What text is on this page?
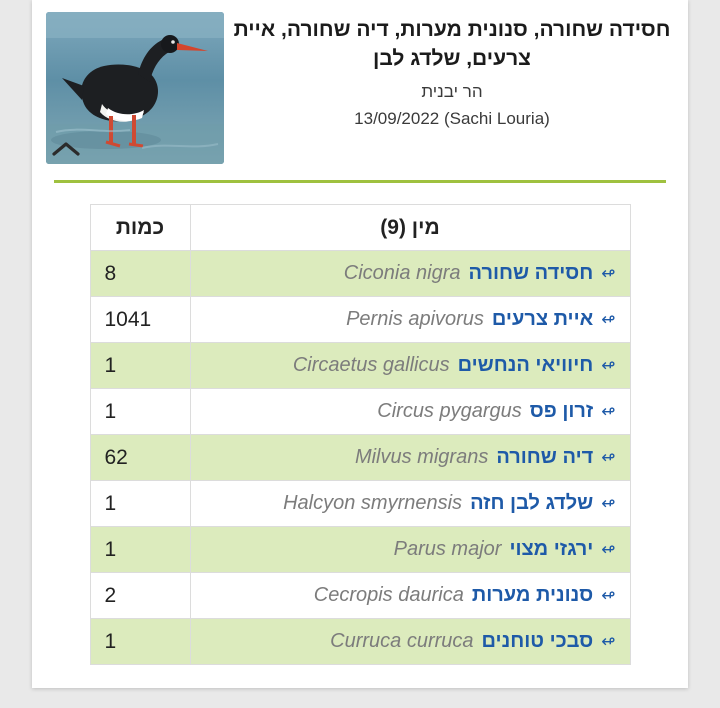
חסידה שחורה, סנונית מערות, דיה שחורה, איית צרעים, שלדג לבן
הר יבנית
(Sachi Louria) 13/09/2022
מין (9)	כמות
↫חסידה שחורהCiconia nigra	8
↫איית צרעיםPernis apivorus	1041
↫חיוויאי הנחשיםCircaetus gallicus	1
↫זרון פסCircus pygargus	1
↫דיה שחורהMilvus migrans	62
↫שלדג לבן חזהHalcyon smyrnensis	1
↫ירגזי מצויParus major	1
↫סנונית מערותCecropis daurica	2
↫סבכי טוחניםCurruca curruca	1
